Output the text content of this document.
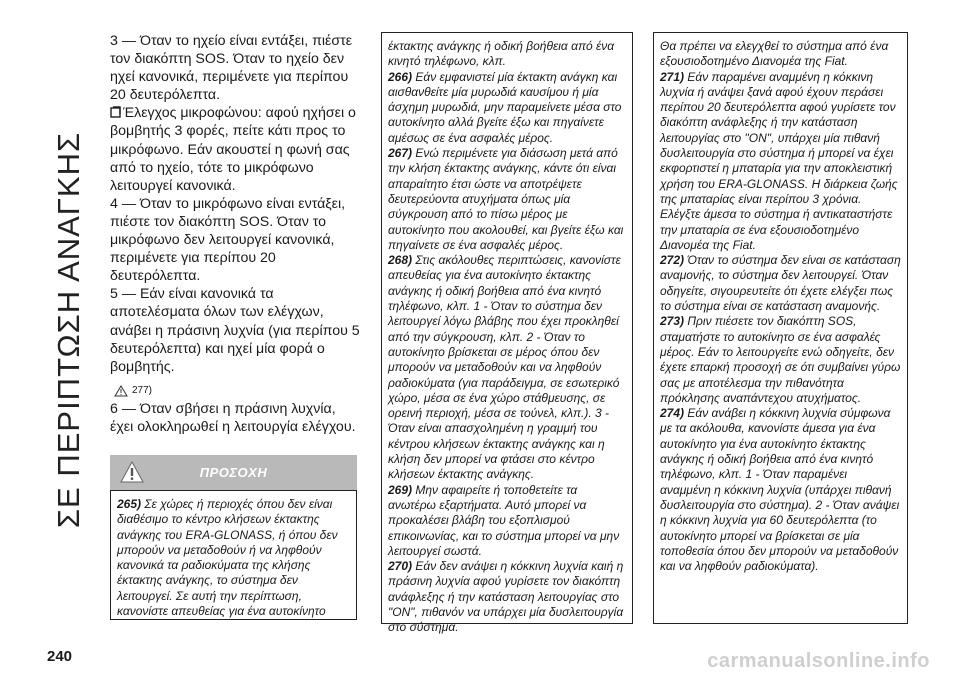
ΣΕ ΠΕΡΙΠΤΩΣΗ ΑΝΑΓΚΗΣ

3 — Όταν το ηχείο είναι εντάξει, πιέστε τον διακόπτη SOS. Όταν το ηχείο δεν ηχεί κανονικά, περιμένετε για περίπου 20 δευτερόλεπτα.

Έλεγχος μικροφώνου: αφού ηχήσει ο βομβητής 3 φορές, πείτε κάτι προς το μικρόφωνο. Εάν ακουστεί η φωνή σας από το ηχείο, τότε το μικρόφωνο λειτουργεί κανονικά.

4 — Όταν το μικρόφωνο είναι εντάξει, πιέστε τον διακόπτη SOS. Όταν το μικρόφωνο δεν λειτουργεί κανονικά, περιμένετε για περίπου 20 δευτερόλεπτα.

5 — Εάν είναι κανονικά τα αποτελέσματα όλων των ελέγχων, ανάβει η πράσινη λυχνία (για περίπου 5 δευτερόλεπτα) και ηχεί μία φορά ο βομβητής.

277)

6 — Όταν σβήσει η πράσινη λυχνία, έχει ολοκληρωθεί η λειτουργία ελέγχου.

ΠΡΟΣΟΧΗ

265) Σε χώρες ή περιοχές όπου δεν είναι διαθέσιμο το κέντρο κλήσεων έκτακτης ανάγκης του ERA-GLONASS, ή όπου δεν μπορούν να μεταδοθούν ή να ληφθούν κανονικά τα ραδιοκύματα της κλήσης έκτακτης ανάγκης, το σύστημα δεν λειτουργεί. Σε αυτή την περίπτωση, κανονίστε απευθείας για ένα αυτοκίνητο

έκτακτης ανάγκης ή οδική βοήθεια από ένα κινητό τηλέφωνο, κλπ.

266) Εάν εμφανιστεί μία έκτακτη ανάγκη και αισθανθείτε μία μυρωδιά καυσίμου ή μία άσχημη μυρωδιά, μην παραμείνετε μέσα στο αυτοκίνητο αλλά βγείτε έξω και πηγαίνετε αμέσως σε ένα ασφαλές μέρος.

267) Ενώ περιμένετε για διάσωση μετά από την κλήση έκτακτης ανάγκης, κάντε ότι είναι απαραίτητο έτσι ώστε να αποτρέψετε δευτερεύοντα ατυχήματα όπως μία σύγκρουση από το πίσω μέρος με αυτοκίνητο που ακολουθεί, και βγείτε έξω και πηγαίνετε σε ένα ασφαλές μέρος.

268) Στις ακόλουθες περιπτώσεις, κανονίστε απευθείας για ένα αυτοκίνητο έκτακτης ανάγκης ή οδική βοήθεια από ένα κινητό τηλέφωνο, κλπ. 1 - Όταν το σύστημα δεν λειτουργεί λόγω βλάβης που έχει προκληθεί από την σύγκρουση, κλπ. 2 - Όταν το αυτοκίνητο βρίσκεται σε μέρος όπου δεν μπορούν να μεταδοθούν και να ληφθούν ραδιοκύματα (για παράδειγμα, σε εσωτερικό χώρο, μέσα σε ένα χώρο στάθμευσης, σε ορεινή περιοχή, μέσα σε τούνελ, κλπ.). 3 - Όταν είναι απασχολημένη η γραμμή του κέντρου κλήσεων έκτακτης ανάγκης και η κλήση δεν μπορεί να φτάσει στο κέντρο κλήσεων έκτακτης ανάγκης.

269) Μην αφαιρείτε ή τοποθετείτε τα ανωτέρω εξαρτήματα. Αυτό μπορεί να προκαλέσει βλάβη του εξοπλισμού επικοινωνίας, και το σύστημα μπορεί να μην λειτουργεί σωστά.

270) Εάν δεν ανάψει η κόκκινη λυχνία καιή η πράσινη λυχνία αφού γυρίσετε τον διακόπτη ανάφλεξης ή την κατάσταση λειτουργίας στο "ON", πιθανόν να υπάρχει μία δυσλειτουργία στο σύστημα.

Θα πρέπει να ελεγχθεί το σύστημα από ένα εξουσιοδοτημένο Διανομέα της Fiat.

271) Εάν παραμένει αναμμένη η κόκκινη λυχνία ή ανάψει ξανά αφού έχουν περάσει περίπου 20 δευτερόλεπτα αφού γυρίσετε τον διακόπτη ανάφλεξης ή την κατάσταση λειτουργίας στο "ON", υπάρχει μία πιθανή δυσλειτουργία στο σύστημα ή μπορεί να έχει εκφορτιστεί η μπαταρία για την αποκλειστική χρήση του ERA-GLONASS. Η διάρκεια ζωής της μπαταρίας είναι περίπου 3 χρόνια. Ελέγξτε άμεσα το σύστημα ή αντικαταστήστε την μπαταρία σε ένα εξουσιοδοτημένο Διανομέα της Fiat.

272) Όταν το σύστημα δεν είναι σε κατάσταση αναμονής, το σύστημα δεν λειτουργεί. Όταν οδηγείτε, σιγουρευτείτε ότι έχετε ελέγξει πως το σύστημα είναι σε κατάσταση αναμονής.

273) Πριν πιέσετε τον διακόπτη SOS, σταματήστε το αυτοκίνητο σε ένα ασφαλές μέρος. Εάν το λειτουργείτε ενώ οδηγείτε, δεν έχετε επαρκή προσοχή σε ότι συμβαίνει γύρω σας με αποτέλεσμα την πιθανότητα πρόκλησης αναπάντεχου ατυχήματος.

274) Εάν ανάβει η κόκκινη λυχνία σύμφωνα με τα ακόλουθα, κανονίστε άμεσα για ένα αυτοκίνητο για ένα αυτοκίνητο έκτακτης ανάγκης ή οδική βοήθεια από ένα κινητό τηλέφωνο, κλπ. 1 - Όταν παραμένει αναμμένη η κόκκινη λυχνία (υπάρχει πιθανή δυσλειτουργία στο σύστημα). 2 - Όταν ανάψει η κόκκινη λυχνία για 60 δευτερόλεπτα (το αυτοκίνητο μπορεί να βρίσκεται σε μία τοποθεσία όπου δεν μπορούν να μεταδοθούν και να ληφθούν ραδιοκύματα).

240	carmanualsonline.info
